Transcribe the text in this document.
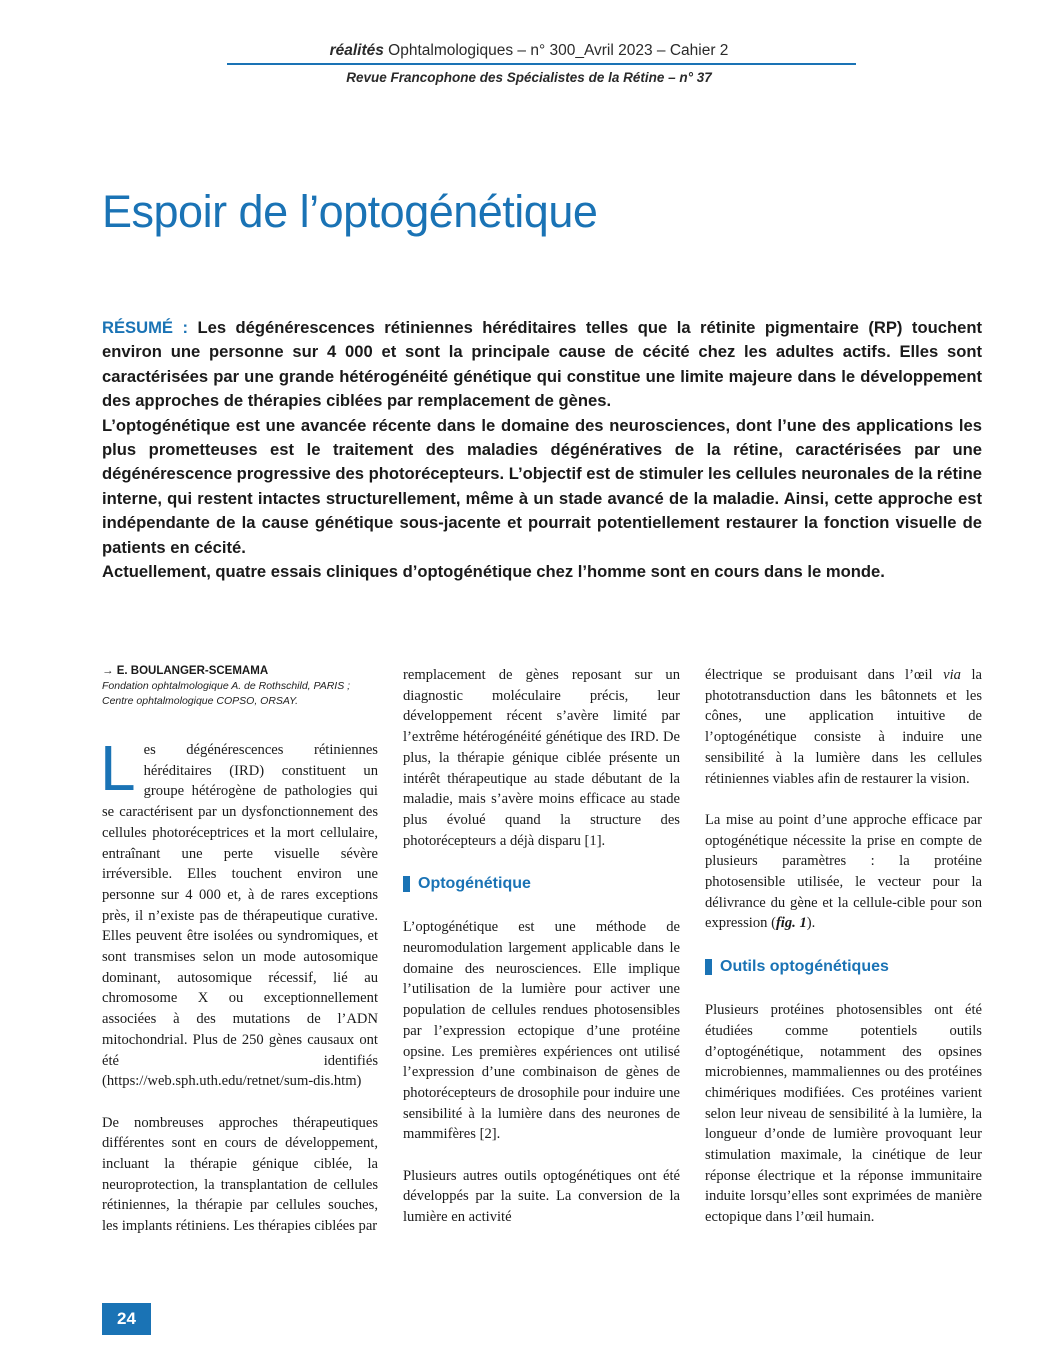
réalités Ophtalmologiques – n° 300_Avril 2023 – Cahier 2
Revue Francophone des Spécialistes de la Rétine – n° 37
Espoir de l’optogénétique

RÉSUMÉ : Les dégénérescences rétiniennes héréditaires telles que la rétinite pigmentaire (RP) touchent environ une personne sur 4 000 et sont la principale cause de cécité chez les adultes actifs. Elles sont caractérisées par une grande hétérogénéité génétique qui constitue une limite majeure dans le développement des approches de thérapies ciblées par remplacement de gènes.

L’optogénétique est une avancée récente dans le domaine des neurosciences, dont l’une des applications les plus prometteuses est le traitement des maladies dégénératives de la rétine, caractérisées par une dégénérescence progressive des photorécepteurs. L’objectif est de stimuler les cellules neuronales de la rétine interne, qui restent intactes structurellement, même à un stade avancé de la maladie. Ainsi, cette approche est indépendante de la cause génétique sous-jacente et pourrait potentiellement restaurer la fonction visuelle de patients en cécité.

Actuellement, quatre essais cliniques d’optogénétique chez l’homme sont en cours dans le monde.

→ E. BOULANGER-SCEMAMA
Fondation ophtalmologique A. de Rothschild, PARIS ;
Centre ophtalmologique COPSO, ORSAY.

Les dégénérescences rétiniennes héréditaires (IRD) constituent un groupe hétérogène de pathologies qui se caractérisent par un dysfonctionnement des cellules photoréceptrices et la mort cellulaire, entraînant une perte visuelle sévère irréversible. Elles touchent environ une personne sur 4 000 et, à de rares exceptions près, il n’existe pas de thérapeutique curative. Elles peuvent être isolées ou syndromiques, et sont transmises selon un mode autosomique dominant, autosomique récessif, lié au chromosome X ou exceptionnellement associées à des mutations de l’ADN mitochondrial. Plus de 250 gènes causaux ont été identifiés (https://web.sph.uth.edu/retnet/sum-dis.htm)

De nombreuses approches thérapeutiques différentes sont en cours de développement, incluant la thérapie génique ciblée, la neuroprotection, la transplantation de cellules rétiniennes, la thérapie par cellules souches, les implants rétiniens. Les thérapies ciblées par

remplacement de gènes reposant sur un diagnostic moléculaire précis, leur développement récent s’avère limité par l’extrême hétérogénéité génétique des IRD. De plus, la thérapie génique ciblée présente un intérêt thérapeutique au stade débutant de la maladie, mais s’avère moins efficace au stade plus évolué quand la structure des photorécepteurs a déjà disparu [1].

Optogénétique

L’optogénétique est une méthode de neuromodulation largement applicable dans le domaine des neurosciences. Elle implique l’utilisation de la lumière pour activer une population de cellules rendues photosensibles par l’expression ectopique d’une protéine opsine. Les premières expériences ont utilisé l’expression d’une combinaison de gènes de photorécepteurs de drosophile pour induire une sensibilité à la lumière dans des neurones de mammifères [2].

Plusieurs autres outils optogénétiques ont été développés par la suite. La conversion de la lumière en activité

électrique se produisant dans l’œil via la phototransduction dans les bâtonnets et les cônes, une application intuitive de l’optogénétique consiste à induire une sensibilité à la lumière dans les cellules rétiniennes viables afin de restaurer la vision.

La mise au point d’une approche efficace par optogénétique nécessite la prise en compte de plusieurs paramètres : la protéine photosensible utilisée, le vecteur pour la délivrance du gène et la cellule-cible pour son expression (fig. 1).

Outils optogénétiques

Plusieurs protéines photosensibles ont été étudiées comme potentiels outils d’optogénétique, notamment des opsines microbiennes, mammaliennes ou des protéines chimériques modifiées. Ces protéines varient selon leur niveau de sensibilité à la lumière, la longueur d’onde de lumière provoquant leur stimulation maximale, la cinétique de leur réponse électrique et la réponse immunitaire induite lorsqu’elles sont exprimées de manière ectopique dans l’œil humain.

24
